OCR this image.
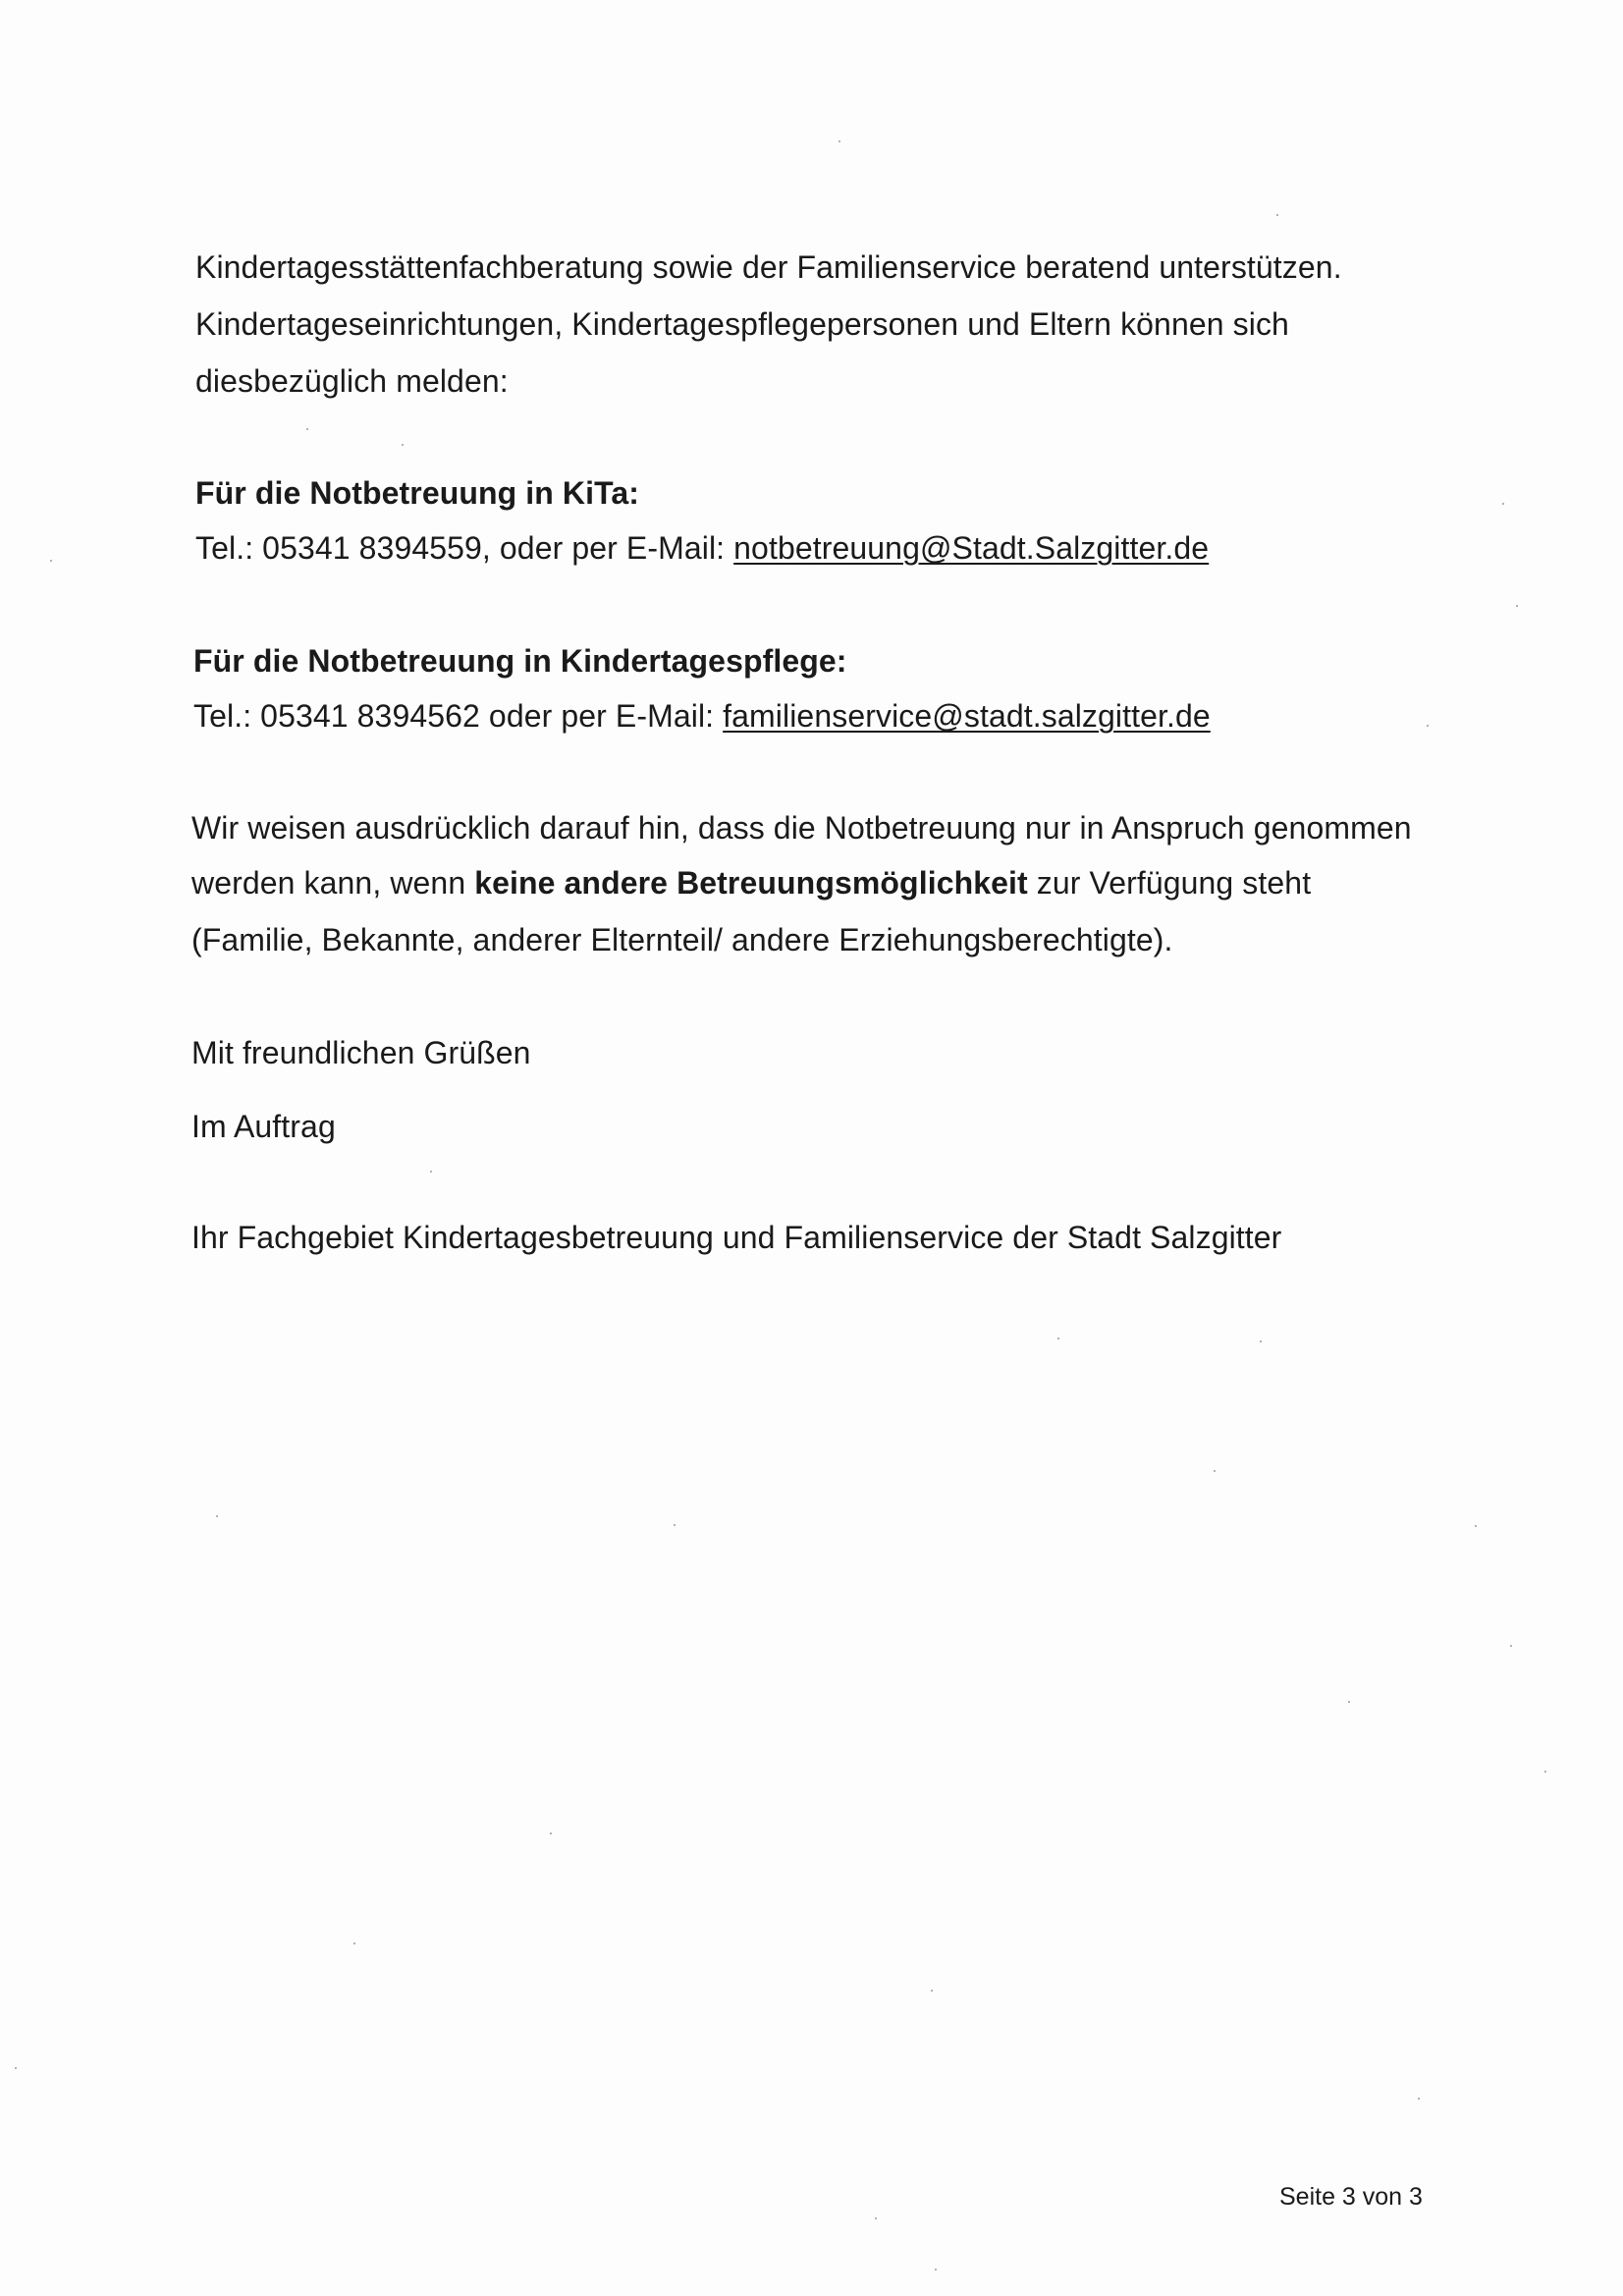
Kindertagesstättenfachberatung sowie der Familienservice beratend unterstützen.
Kindertageseinrichtungen, Kindertagespflegepersonen und Eltern können sich
diesbezüglich melden:
Für die Notbetreuung in KiTa:
Tel.: 05341 8394559, oder per E-Mail: notbetreuung@Stadt.Salzgitter.de
Für die Notbetreuung in Kindertagespflege:
Tel.: 05341 8394562 oder per E-Mail: familienservice@stadt.salzgitter.de
Wir weisen ausdrücklich darauf hin, dass die Notbetreuung nur in Anspruch genommen
werden kann, wenn keine andere Betreuungsmöglichkeit zur Verfügung steht
(Familie, Bekannte, anderer Elternteil/ andere Erziehungsberechtigte).
Mit freundlichen Grüßen
Im Auftrag
Ihr Fachgebiet Kindertagesbetreuung und Familienservice der Stadt Salzgitter
Seite 3 von 3
